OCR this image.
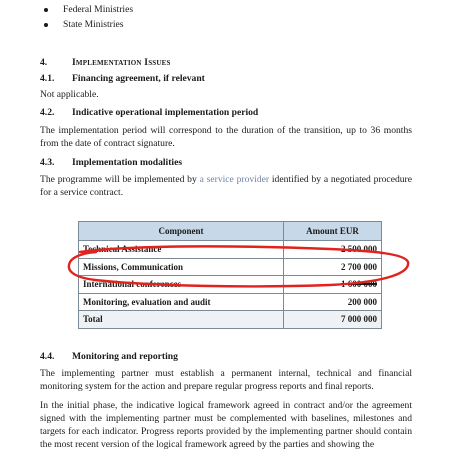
Federal Ministries
State Ministries
4.	Implementation Issues
4.1. Financing agreement, if relevant

Not applicable.

4.2. Indicative operational implementation period

The implementation period will correspond to the duration of the transition, up to 36 months from the date of contract signature.

4.3. Implementation modalities

The programme will be implemented by a service provider identified by a negotiated procedure for a service contract.

Component	Amount EUR
Technical Assistance	2 500 000
Missions, Communication	2 700 000
International conferences	1 600 000
Monitoring, evaluation and audit	200 000
Total	7 000 000
4.4. Monitoring and reporting

The implementing partner must establish a permanent internal, technical and financial monitoring system for the action and prepare regular progress reports and final reports.

In the initial phase, the indicative logical framework agreed in contract and/or the agreement signed with the implementing partner must be complemented with baselines, milestones and targets for each indicator. Progress reports provided by the implementing partner should contain the most recent version of the logical framework agreed by the parties and showing the
